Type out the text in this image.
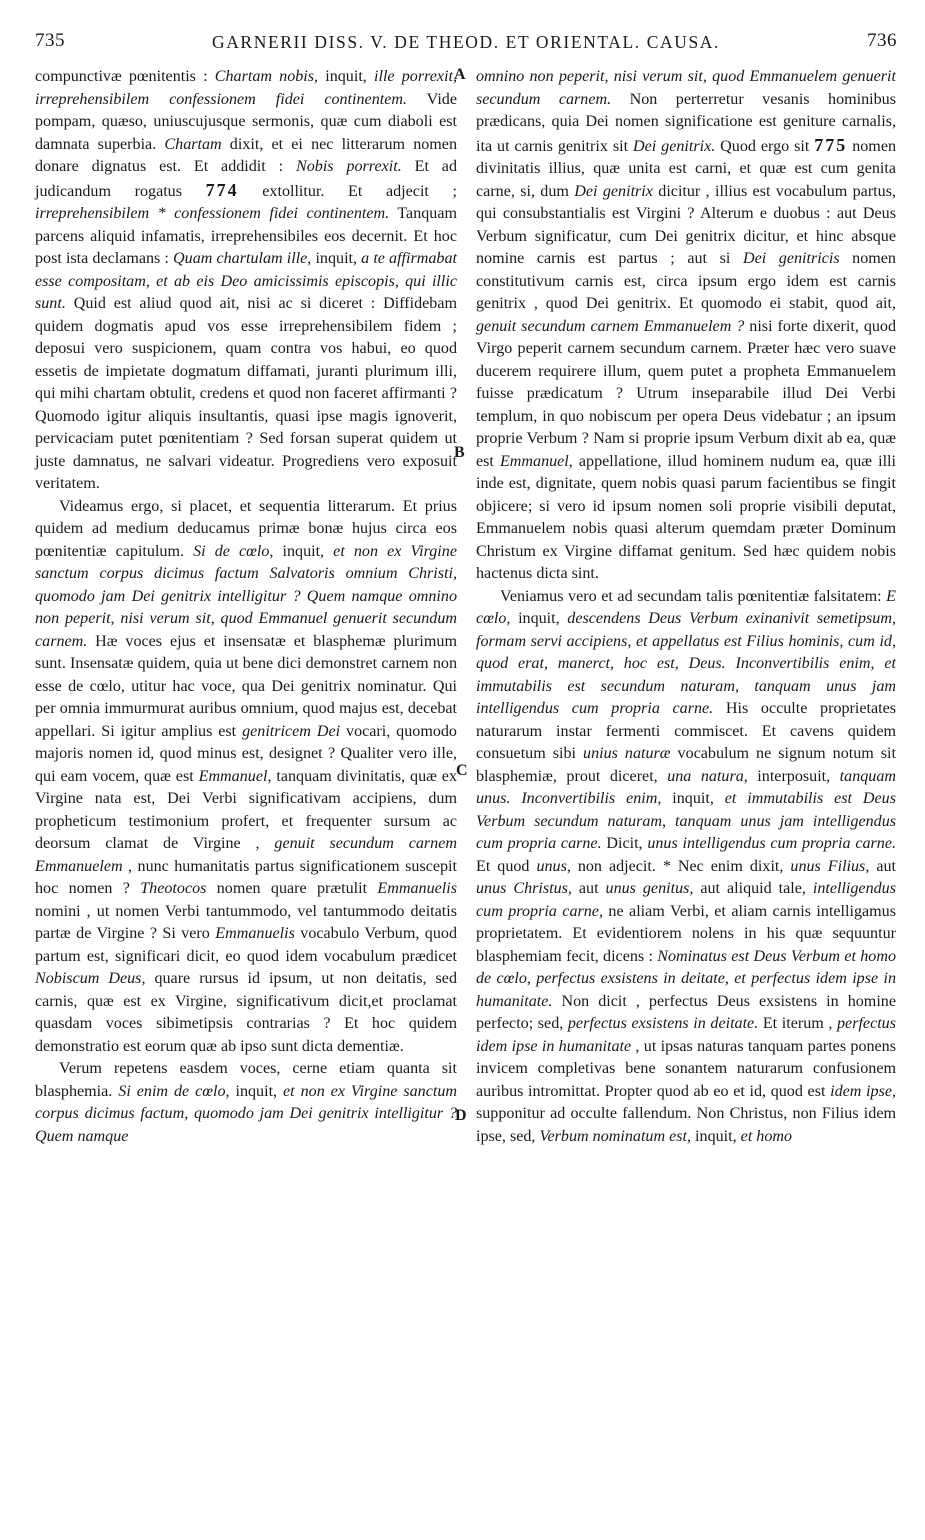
735	GARNERII DISS. V. DE THEOD. ET ORIENTAL. CAUSA.	736
A
B
C
D

compunctivæ pœnitentis : Chartam nobis, inquit, ille porrexit, irreprehensibilem confessionem fidei continentem. Vide pompam, quæso, uniuscujusque sermonis, quæ cum diaboli est damnata superbia. Chartam dixit, et ei nec litterarum nomen donare dignatus est. Et addidit : Nobis porrexit. Et ad judicandum rogatus 774 extollitur. Et adjecit ; irreprehensibilem * confessionem fidei continentem. Tanquam parcens aliquid infamatis, irreprehensibiles eos decernit. Et hoc post ista declamans : Quam chartulam ille, inquit, a te affirmabat esse compositam, et ab eis Deo amicissimis episcopis, qui illic sunt. Quid est aliud quod ait, nisi ac si diceret : Diffidebam quidem dogmatis apud vos esse irreprehensibilem fidem ; deposui vero suspicionem, quam contra vos habui, eo quod essetis de impietate dogmatum diffamati, juranti plurimum illi, qui mihi chartam obtulit, credens et quod non faceret affirmanti ? Quomodo igitur aliquis insultantis, quasi ipse magis ignoverit, pervicaciam putet pœnitentiam ? Sed forsan superat quidem ut juste damnatus, ne salvari videatur. Progrediens vero exposuit veritatem.

Videamus ergo, si placet, et sequentia litterarum. Et prius quidem ad medium deducamus primæ bonæ hujus circa eos pœnitentiæ capitulum. Si de cœlo, inquit, et non ex Virgine sanctum corpus dicimus factum Salvatoris omnium Christi, quomodo jam Dei genitrix intelligitur ? Quem namque omnino non peperit, nisi verum sit, quod Emmanuel genuerit secundum carnem. Hæ voces ejus et insensatæ et blasphemæ plurimum sunt. Insensatæ quidem, quia ut bene dici demonstret carnem non esse de cœlo, utitur hac voce, qua Dei genitrix nominatur. Qui per omnia immurmurat auribus omnium, quod majus est, decebat appellari. Si igitur amplius est genitricem Dei vocari, quomodo majoris nomen id, quod minus est, designet ? Qualiter vero ille, qui eam vocem, quæ est Emmanuel, tanquam divinitatis, quæ ex Virgine nata est, Dei Verbi significativam accipiens, dum propheticum testimonium profert, et frequenter sursum ac deorsum clamat de Virgine , genuit secundum carnem Emmanuelem , nunc humanitatis partus significationem suscepit hoc nomen ? Theotocos nomen quare prætulit Emmanuelis nomini , ut nomen Verbi tantummodo, vel tantummodo deitatis partæ de Virgine ? Si vero Emmanuelis vocabulo Verbum, quod partum est, significari dicit, eo quod idem vocabulum prædicet Nobiscum Deus, quare rursus id ipsum, ut non deitatis, sed carnis, quæ est ex Virgine, significativum dicit,et proclamat quasdam voces sibimetipsis contrarias ? Et hoc quidem demonstratio est eorum quæ ab ipso sunt dicta dementiæ.

Verum repetens easdem voces, cerne etiam quanta sit blasphemia. Si enim de cœlo, inquit, et non ex Virgine sanctum corpus dicimus factum, quomodo jam Dei genitrix intelligitur ? Quem namque

omnino non peperit, nisi verum sit, quod Emmanuelem genuerit secundum carnem. Non perterretur vesanis hominibus prædicans, quia Dei nomen significatione est geniture carnalis, ita ut carnis genitrix sit Dei genitrix. Quod ergo sit 775 nomen divinitatis illius, quæ unita est carni, et quæ est cum genita carne, si, dum Dei genitrix dicitur , illius est vocabulum partus, qui consubstantialis est Virgini ? Alterum e duobus : aut Deus Verbum significatur, cum Dei genitrix dicitur, et hinc absque nomine carnis est partus ; aut si Dei genitricis nomen constitutivum carnis est, circa ipsum ergo idem est carnis genitrix , quod Dei genitrix. Et quomodo ei stabit, quod ait, genuit secundum carnem Emmanuelem ? nisi forte dixerit, quod Virgo peperit carnem secundum carnem. Præter hæc vero suave ducerem requirere illum, quem putet a propheta Emmanuelem fuisse prædicatum ? Utrum inseparabile illud Dei Verbi templum, in quo nobiscum per opera Deus videbatur ; an ipsum proprie Verbum ? Nam si proprie ipsum Verbum dixit ab ea, quæ est Emmanuel, appellatione, illud hominem nudum ea, quæ illi inde est, dignitate, quem nobis quasi parum facientibus se fingit objicere; si vero id ipsum nomen soli proprie visibili deputat, Emmanuelem nobis quasi alterum quemdam præter Dominum Christum ex Virgine diffamat genitum. Sed hæc quidem nobis hactenus dicta sint.

Veniamus vero et ad secundam talis pœnitentiæ falsitatem: E cœlo, inquit, descendens Deus Verbum exinanivit semetipsum, formam servi accipiens, et appellatus est Filius hominis, cum id, quod erat, manerct, hoc est, Deus. Inconvertibilis enim, et immutabilis est secundum naturam, tanquam unus jam intelligendus cum propria carne. His occulte proprietates naturarum instar fermenti commiscet. Et cavens quidem consuetum sibi unius naturæ vocabulum ne signum notum sit blasphemiæ, prout diceret, una natura, interposuit, tanquam unus. Inconvertibilis enim, inquit, et immutabilis est Deus Verbum secundum naturam, tanquam unus jam intelligendus cum propria carne. Dicit, unus intelligendus cum propria carne. Et quod unus, non adjecit. * Nec enim dixit, unus Filius, aut unus Christus, aut unus genitus, aut aliquid tale, intelligendus cum propria carne, ne aliam Verbi, et aliam carnis intelligamus proprietatem. Et evidentiorem nolens in his quæ sequuntur blasphemiam fecit, dicens : Nominatus est Deus Verbum et homo de cœlo, perfectus exsistens in deitate, et perfectus idem ipse in humanitate. Non dicit , perfectus Deus exsistens in homine perfecto; sed, perfectus exsistens in deitate. Et iterum , perfectus idem ipse in humanitate , ut ipsas naturas tanquam partes ponens invicem completivas bene sonantem naturarum confusionem auribus intromittat. Propter quod ab eo et id, quod est idem ipse, supponitur ad occulte fallendum. Non Christus, non Filius idem ipse, sed, Verbum nominatum est, inquit, et homo
